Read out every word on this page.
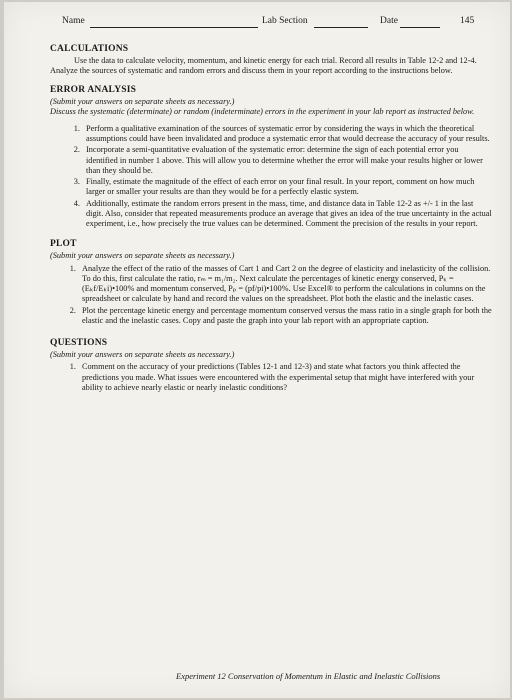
Name	Lab Section	Date	145
CALCULATIONS

Use the data to calculate velocity, momentum, and kinetic energy for each trial. Record all results in Table 12-2 and 12-4. Analyze the sources of systematic and random errors and discuss them in your report according to the instructions below.

ERROR ANALYSIS

(Submit your answers on separate sheets as necessary.)

Discuss the systematic (determinate) or random (indeterminate) errors in the experiment in your lab report as instructed below.

1. Perform a qualitative examination of the sources of systematic error by considering the ways in which the theoretical assumptions could have been invalidated and produce a systematic error that would decrease the accuracy of your results.
2. Incorporate a semi-quantitative evaluation of the systematic error: determine the sign of each potential error you identified in number 1 above. This will allow you to determine whether the error will make your results higher or lower than they should be.
3. Finally, estimate the magnitude of the effect of each error on your final result. In your report, comment on how much larger or smaller your results are than they would be for a perfectly elastic system.
4. Additionally, estimate the random errors present in the mass, time, and distance data in Table 12-2 as +/- 1 in the last digit. Also, consider that repeated measurements produce an average that gives an idea of the true uncertainty in the actual experiment, i.e., how precisely the true values can be determined. Comment the precision of the results in your report.
PLOT

(Submit your answers on separate sheets as necessary.)

1. Analyze the effect of the ratio of the masses of Cart 1 and Cart 2 on the degree of elasticity and inelasticity of the collision. To do this, first calculate the ratio, rₘ = m₁/m₂. Next calculate the percentages of kinetic energy conserved, Pₖ = (Eₖf/Eₖi)•100% and momentum conserved, Pₚ = (pf/pi)•100%. Use Excel® to perform the calculations in columns on the spreadsheet or calculate by hand and record the values on the spreadsheet. Plot both the elastic and the inelastic cases.
2. Plot the percentage kinetic energy and percentage momentum conserved versus the mass ratio in a single graph for both the elastic and the inelastic cases. Copy and paste the graph into your lab report with an appropriate caption.
QUESTIONS

(Submit your answers on separate sheets as necessary.)

1. Comment on the accuracy of your predictions (Tables 12-1 and 12-3) and state what factors you think affected the predictions you made. What issues were encountered with the experimental setup that might have interfered with your ability to achieve nearly elastic or nearly inelastic conditions?
Experiment 12 Conservation of Momentum in Elastic and Inelastic Collisions
